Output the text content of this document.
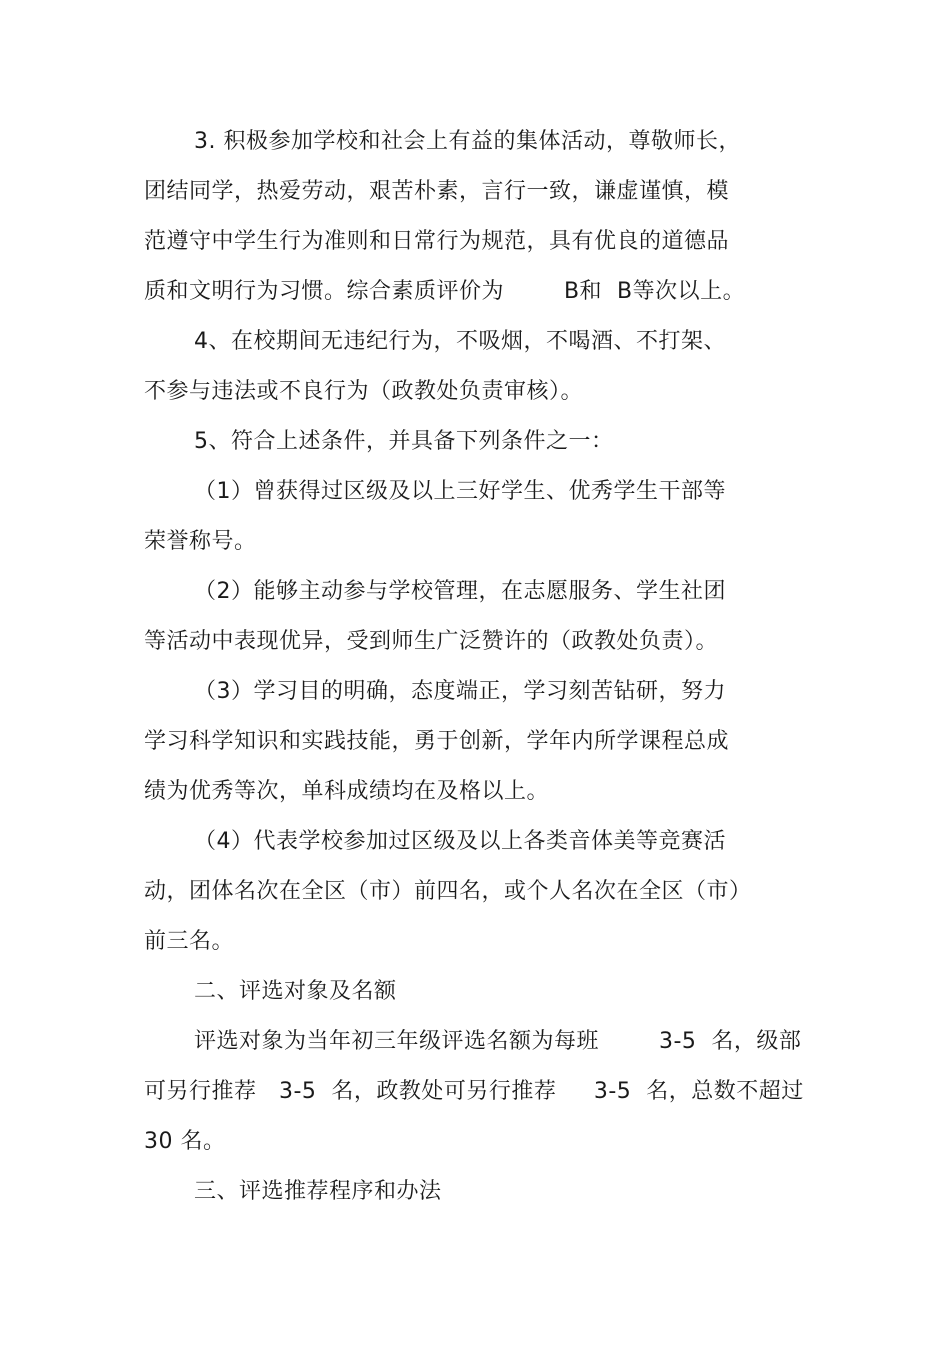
3. 积极参加学校和社会上有益的集体活动，尊敬师长，
团结同学，热爱劳动，艰苦朴素，言行一致，谦虚谨慎，模
范遵守中学生行为准则和日常行为规范，具有优良的道德品
质和文明行为习惯。综合素质评价为        B和  B等次以上。
4、在校期间无违纪行为，不吸烟，不喝酒、不打架、
不参与违法或不良行为（政教处负责审核）。
5、符合上述条件，并具备下列条件之一：
（1）曾获得过区级及以上三好学生、优秀学生干部等
荣誉称号。
（2）能够主动参与学校管理，在志愿服务、学生社团
等活动中表现优异，受到师生广泛赞许的（政教处负责）。
（3）学习目的明确，态度端正，学习刻苦钻研，努力
学习科学知识和实践技能，勇于创新，学年内所学课程总成
绩为优秀等次，单科成绩均在及格以上。
（4）代表学校参加过区级及以上各类音体美等竞赛活
动，团体名次在全区（市）前四名，或个人名次在全区（市）
前三名。
二、评选对象及名额
评选对象为当年初三年级评选名额为每班        3-5  名，级部
可另行推荐   3-5  名，政教处可另行推荐     3-5  名，总数不超过
30 名。
三、评选推荐程序和办法
